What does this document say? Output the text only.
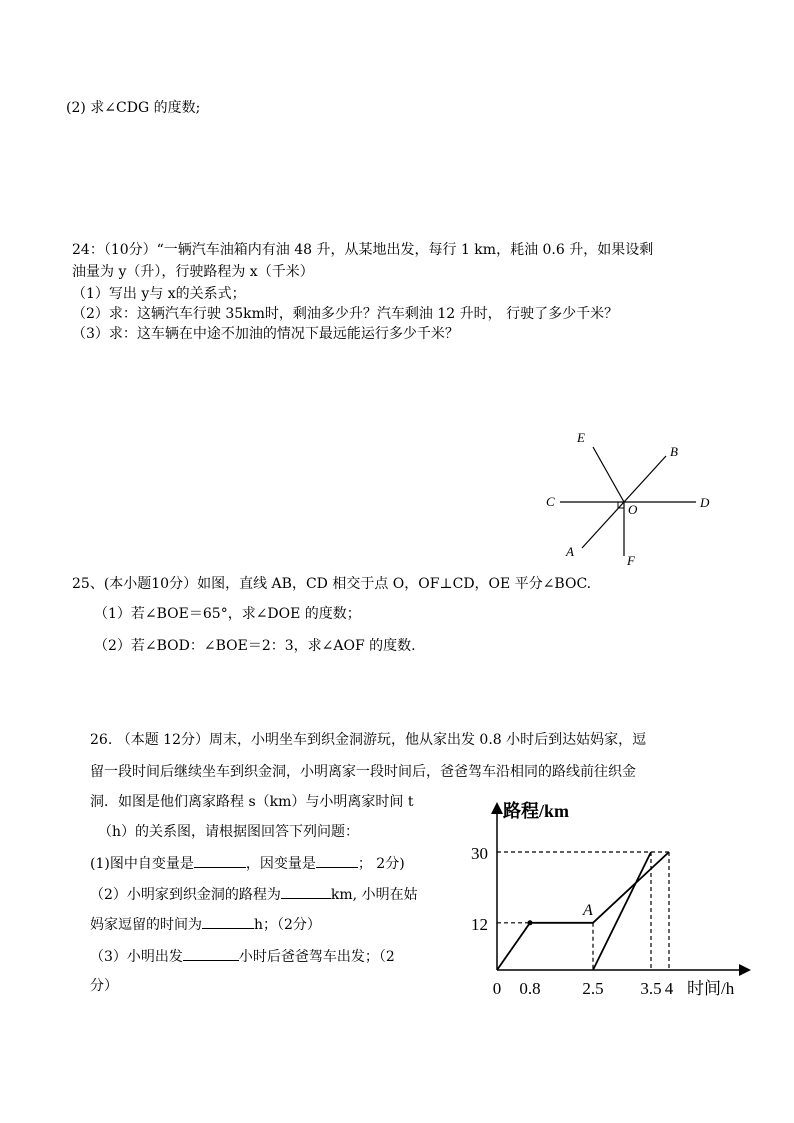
(2) 求∠CDG 的度数;
24：（10分）“一辆汽车油箱内有油 48 升，从某地出发，每行 1 km，耗油 0.6 升，如果设剩
油量为 y（升），行驶路程为 x（千米）
（1）写出 y与 x的关系式；
（2）求：这辆汽车行驶 35km时，剩油多少升？汽车剩油 12 升时， 行驶了多少千米？
（3）求：这车辆在中途不加油的情况下最远能运行多少千米？
E
B
C
O	D
A
F
25、(本小题10分）如图，直线 AB，CD 相交于点 O，OF⊥CD，OE 平分∠BOC.
（1）若∠BOE＝65°，求∠DOE 的度数；
（2）若∠BOD：∠BOE＝2：3，求∠AOF 的度数.
26. （本题 12分）周末，小明坐车到织金洞游玩，他从家出发 0.8 小时后到达姑妈家，逗
留一段时间后继续坐车到织金洞，小明离家一段时间后，爸爸驾车沿相同的路线前往织金
洞．如图是他们离家路程 s（km）与小明离家时间 t
（h）的关系图，请根据图回答下列问题：
(1)图中自变量是	，因变量是	； 2分)
（2）小明家到织金洞的路程为	km, 小明在姑
妈家逗留的时间为	h；（2分）
（3）小明出发	小时后爸爸驾车出发；（2
分）
30
12
0 0.8 2.5 3.5 4
路程/km
时间/h
A
